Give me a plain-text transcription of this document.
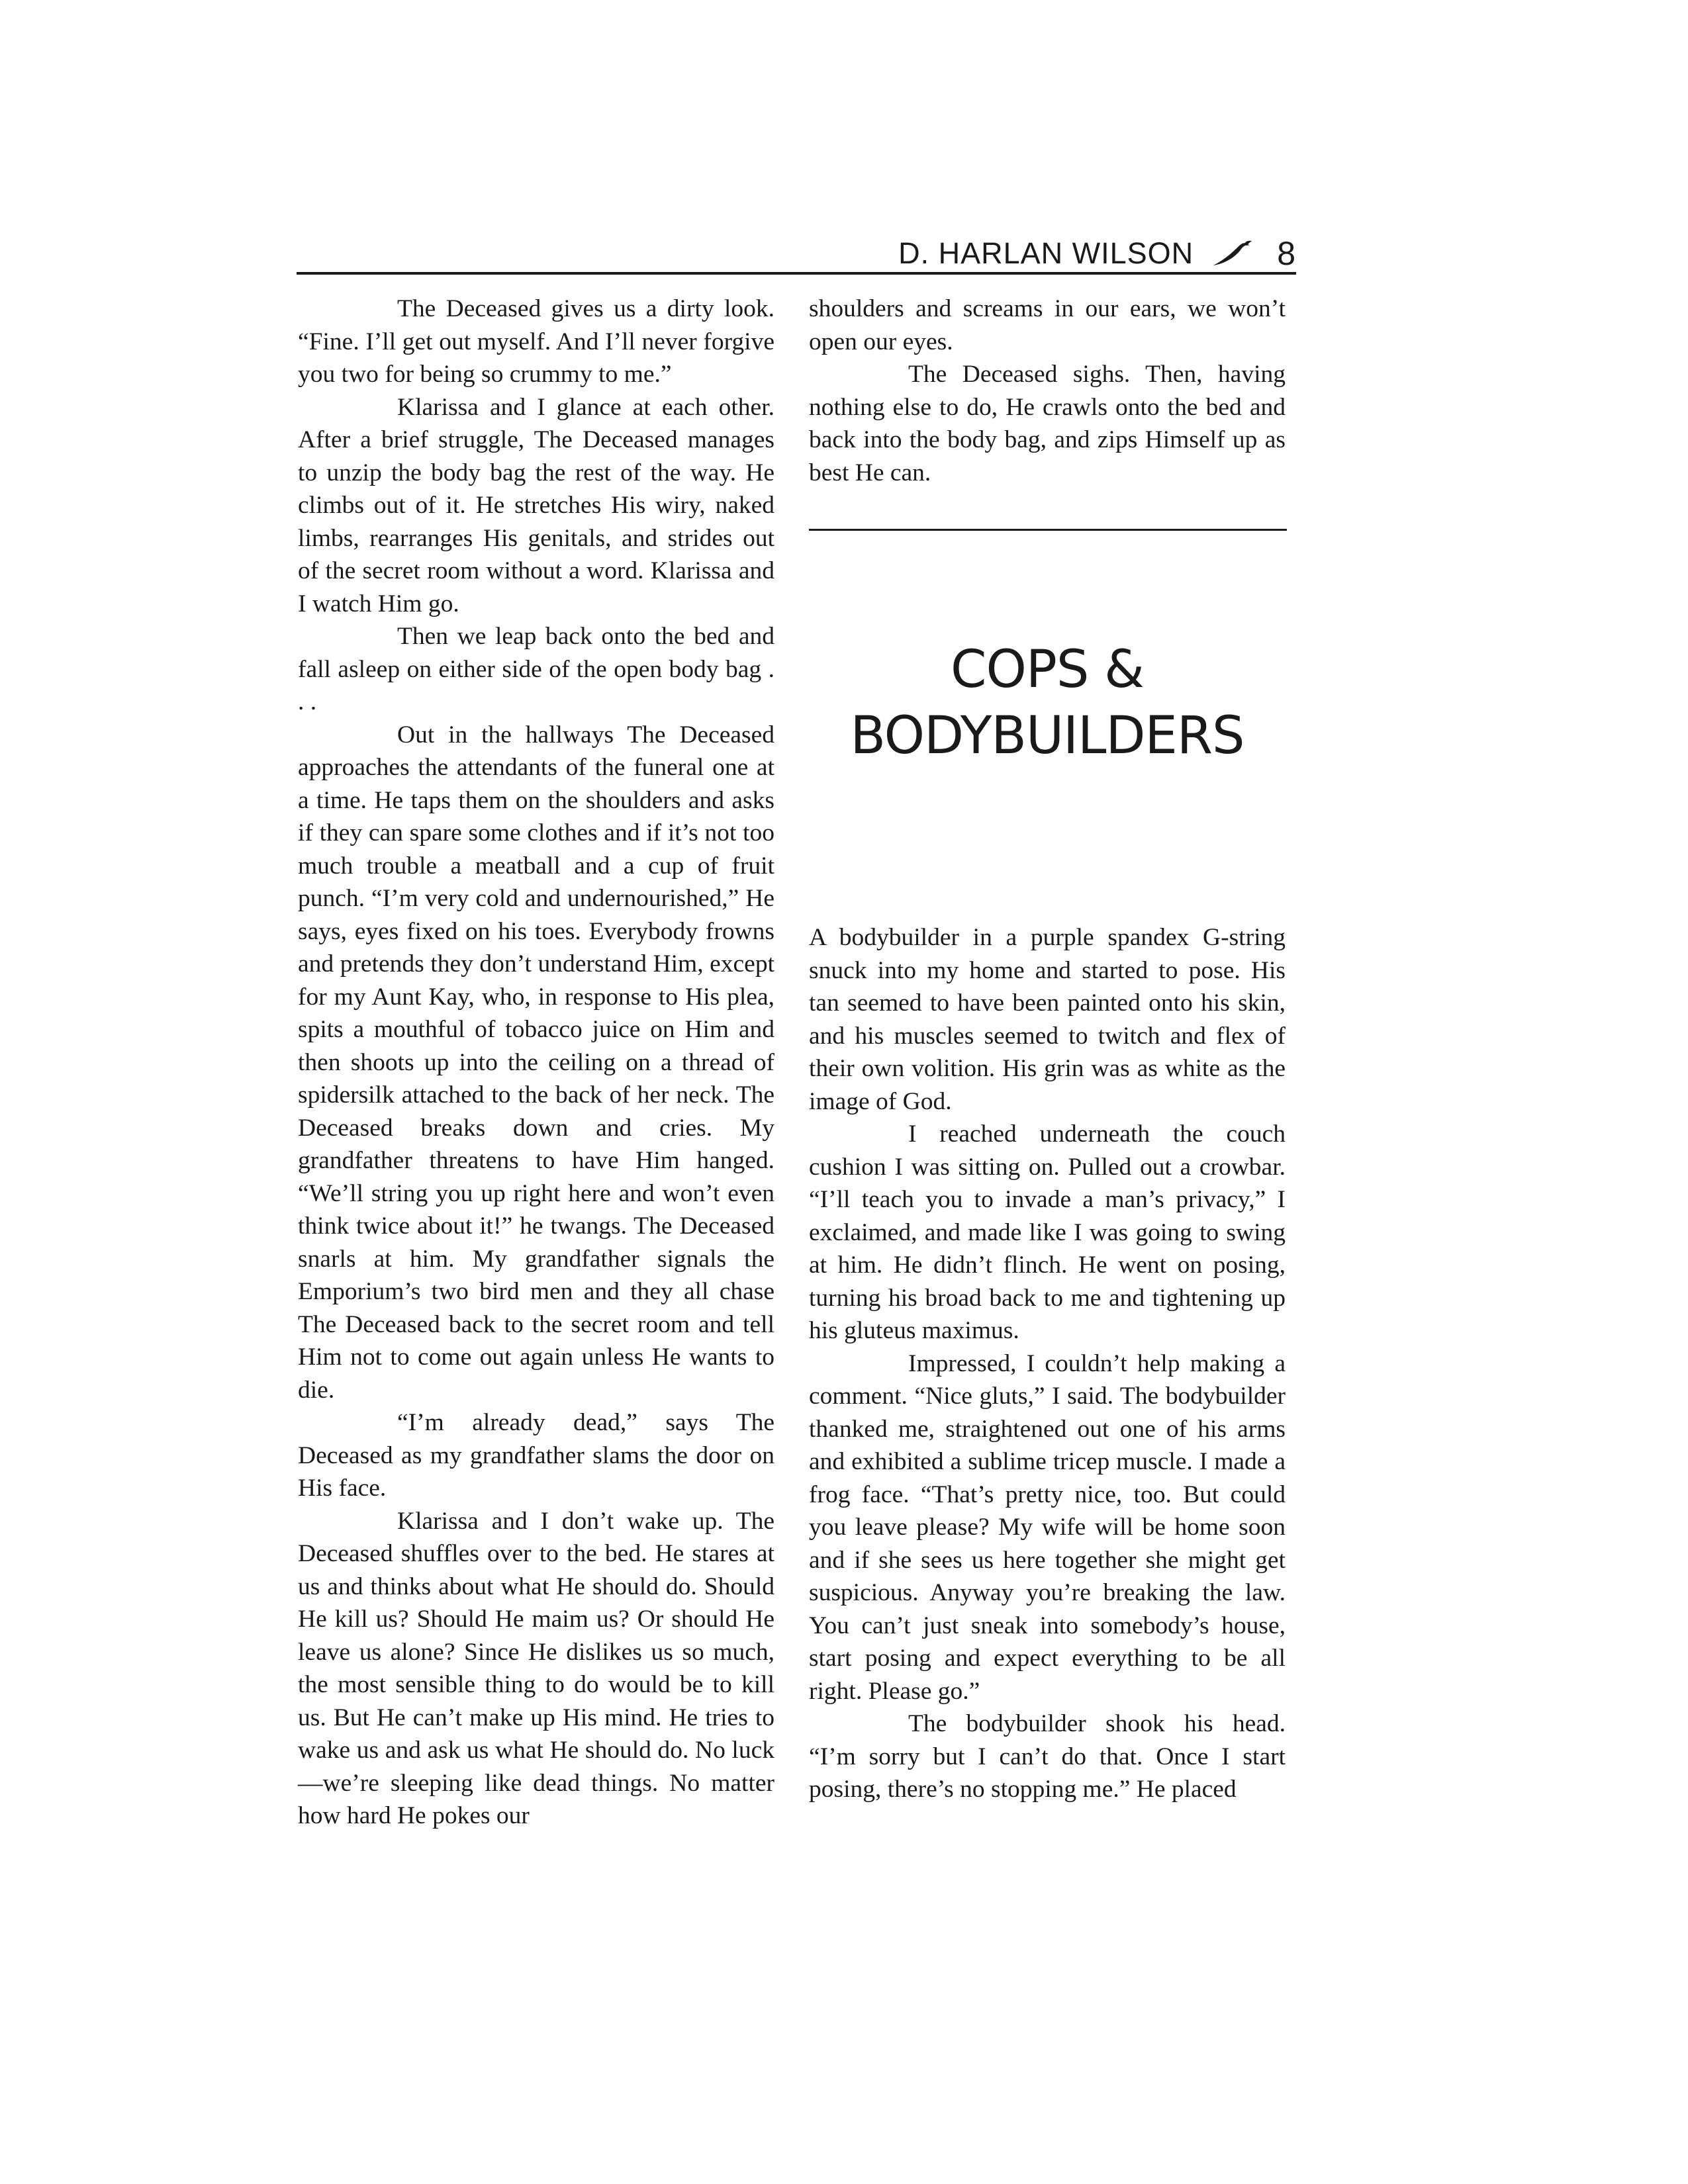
D. HARLAN WILSON	8

The Deceased gives us a dirty look. “Fine. I’ll get out myself. And I’ll never forgive you two for being so crummy to me.”

Klarissa and I glance at each other. After a brief struggle, The Deceased manages to unzip the body bag the rest of the way. He climbs out of it. He stretches His wiry, naked limbs, rearranges His genitals, and strides out of the secret room without a word. Klarissa and I watch Him go.

Then we leap back onto the bed and fall asleep on either side of the open body bag . . .

Out in the hallways The Deceased approaches the attendants of the funeral one at a time. He taps them on the shoulders and asks if they can spare some clothes and if it’s not too much trouble a meatball and a cup of fruit punch. “I’m very cold and undernourished,” He says, eyes fixed on his toes. Everybody frowns and pretends they don’t understand Him, except for my Aunt Kay, who, in response to His plea, spits a mouthful of tobacco juice on Him and then shoots up into the ceiling on a thread of spidersilk attached to the back of her neck. The Deceased breaks down and cries. My grandfather threatens to have Him hanged. “We’ll string you up right here and won’t even think twice about it!” he twangs. The Deceased snarls at him. My grandfather signals the Emporium’s two bird men and they all chase The Deceased back to the secret room and tell Him not to come out again unless He wants to die.

“I’m already dead,” says The Deceased as my grandfather slams the door on His face.

Klarissa and I don’t wake up. The Deceased shuffles over to the bed. He stares at us and thinks about what He should do. Should He kill us? Should He maim us? Or should He leave us alone? Since He dislikes us so much, the most sensible thing to do would be to kill us. But He can’t make up His mind. He tries to wake us and ask us what He should do. No luck—we’re sleeping like dead things. No matter how hard He pokes our

shoulders and screams in our ears, we won’t open our eyes.

The Deceased sighs. Then, having nothing else to do, He crawls onto the bed and back into the body bag, and zips Himself up as best He can.

COPS &
BODYBUILDERS

A bodybuilder in a purple spandex G-string snuck into my home and started to pose. His tan seemed to have been painted onto his skin, and his muscles seemed to twitch and flex of their own volition. His grin was as white as the image of God.

I reached underneath the couch cushion I was sitting on. Pulled out a crowbar. “I’ll teach you to invade a man’s privacy,” I exclaimed, and made like I was going to swing at him. He didn’t flinch. He went on posing, turning his broad back to me and tightening up his gluteus maximus.

Impressed, I couldn’t help making a comment. “Nice gluts,” I said. The bodybuilder thanked me, straightened out one of his arms and exhibited a sublime tricep muscle. I made a frog face. “That’s pretty nice, too. But could you leave please? My wife will be home soon and if she sees us here together she might get suspicious. Anyway you’re breaking the law. You can’t just sneak into somebody’s house, start posing and expect everything to be all right. Please go.”

The bodybuilder shook his head. “I’m sorry but I can’t do that. Once I start posing, there’s no stopping me.” He placed
